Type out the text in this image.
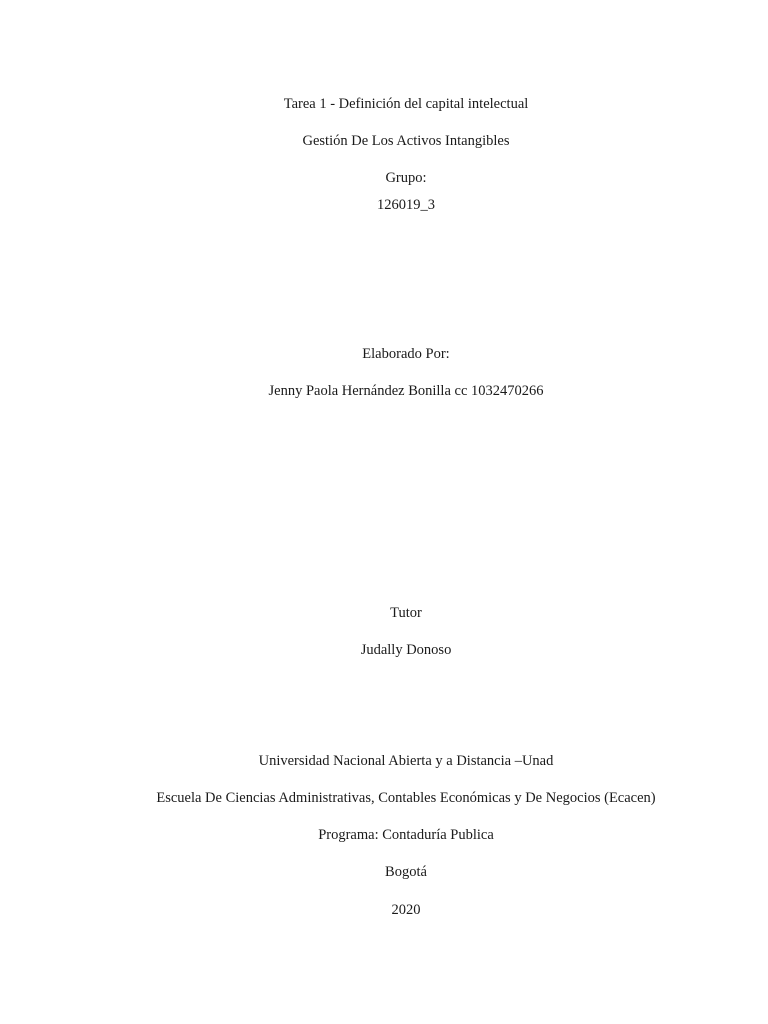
Tarea 1 - Definición del capital intelectual
Gestión De Los Activos Intangibles
Grupo:
126019_3
Elaborado Por:
Jenny Paola Hernández Bonilla cc 1032470266
Tutor
Judally Donoso
Universidad Nacional Abierta y a Distancia –Unad
Escuela De Ciencias Administrativas, Contables Económicas y De Negocios (Ecacen)
Programa: Contaduría Publica
Bogotá
2020
